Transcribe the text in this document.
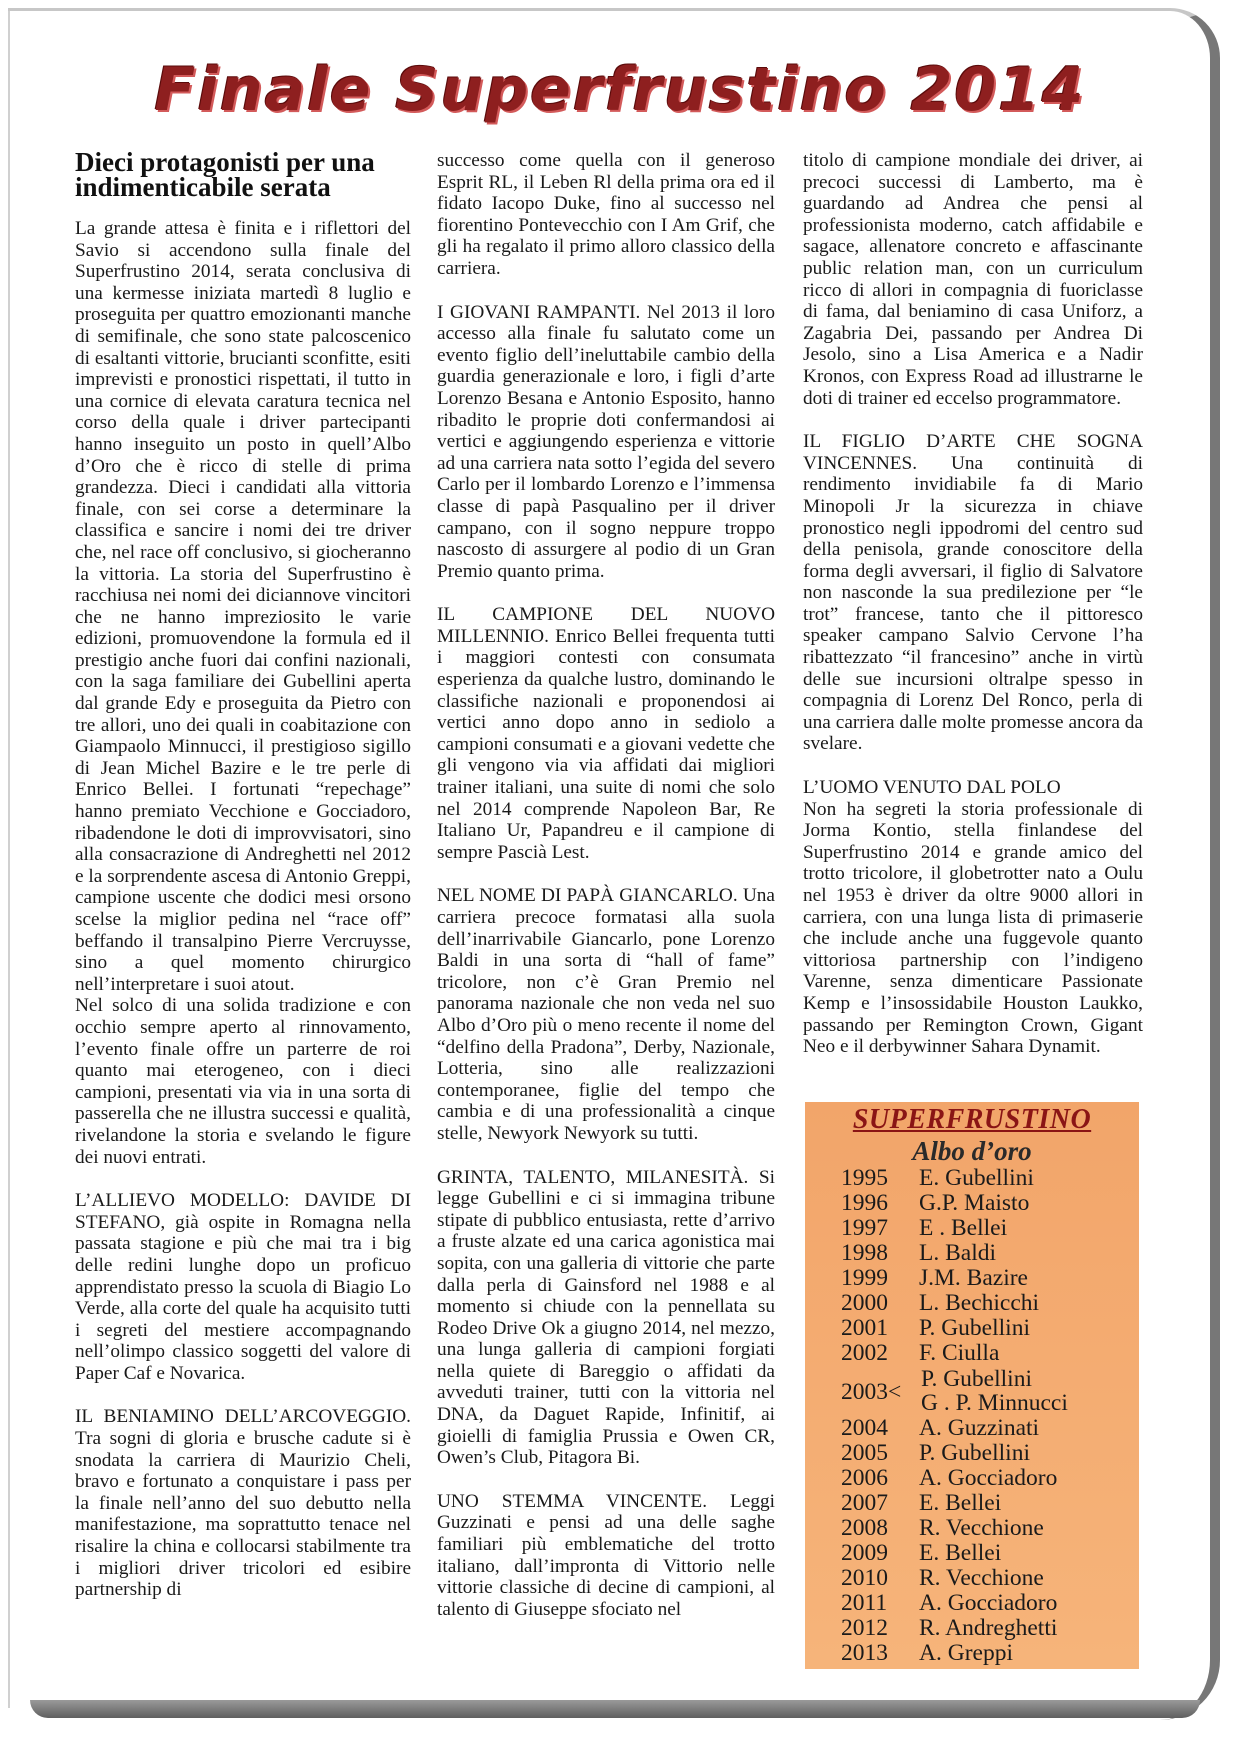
Finale Superfrustino 2014
Dieci protagonisti per una indimenticabile serata

La grande attesa è finita e i riflettori del Savio si accendono sulla finale del Superfrustino 2014, serata conclusiva di una kermesse iniziata martedì 8 luglio e proseguita per quattro emozionanti manche di semifinale, che sono state palcoscenico di esaltanti vittorie, brucianti sconfitte, esiti imprevisti e pronostici rispettati, il tutto in una cornice di elevata caratura tecnica nel corso della quale i driver partecipanti hanno inseguito un posto in quell’Albo d’Oro che è ricco di stelle di prima grandezza. Dieci i candidati alla vittoria finale, con sei corse a determinare la classifica e sancire i nomi dei tre driver che, nel race off conclusivo, si giocheranno la vittoria. La storia del Superfrustino è racchiusa nei nomi dei diciannove vincitori che ne hanno impreziosito le varie edizioni, promuovendone la formula ed il prestigio anche fuori dai confini nazionali, con la saga familiare dei Gubellini aperta dal grande Edy e proseguita da Pietro con tre allori, uno dei quali in coabitazione con Giampaolo Minnucci, il prestigioso sigillo di Jean Michel Bazire e le tre perle di Enrico Bellei. I fortunati “repechage” hanno premiato Vecchione e Gocciadoro, ribadendone le doti di improvvisatori, sino alla consacrazione di Andreghetti nel 2012 e la sorprendente ascesa di Antonio Greppi, campione uscente che dodici mesi orsono scelse la miglior pedina nel “race off” beffando il transalpino Pierre Vercruysse, sino a quel momento chirurgico nell’interpretare i suoi atout.

Nel solco di una solida tradizione e con occhio sempre aperto al rinnovamento, l’evento finale offre un parterre de roi quanto mai eterogeneo, con i dieci campioni, presentati via via in una sorta di passerella che ne illustra successi e qualità, rivelandone la storia e svelando le figure dei nuovi entrati.

L’ALLIEVO MODELLO: DAVIDE DI STEFANO, già ospite in Romagna nella passata stagione e più che mai tra i big delle redini lunghe dopo un proficuo apprendistato presso la scuola di Biagio Lo Verde, alla corte del quale ha acquisito tutti i segreti del mestiere accompagnando nell’olimpo classico soggetti del valore di Paper Caf e Novarica.

IL BENIAMINO DELL’ARCOVEGGIO. Tra sogni di gloria e brusche cadute si è snodata la carriera di Maurizio Cheli, bravo e fortunato a conquistare i pass per la finale nell’anno del suo debutto nella manifestazione, ma soprattutto tenace nel risalire la china e collocarsi stabilmente tra i migliori driver tricolori ed esibire partnership di

successo come quella con il generoso Esprit RL, il Leben Rl della prima ora ed il fidato Iacopo Duke, fino al successo nel fiorentino Pontevecchio con I Am Grif, che gli ha regalato il primo alloro classico della carriera.

I GIOVANI RAMPANTI. Nel 2013 il loro accesso alla finale fu salutato come un evento figlio dell’ineluttabile cambio della guardia generazionale e loro, i figli d’arte Lorenzo Besana e Antonio Esposito, hanno ribadito le proprie doti confermandosi ai vertici e aggiungendo esperienza e vittorie ad una carriera nata sotto l’egida del severo Carlo per il lombardo Lorenzo e l’immensa classe di papà Pasqualino per il driver campano, con il sogno neppure troppo nascosto di assurgere al podio di un Gran Premio quanto prima.

IL CAMPIONE DEL NUOVO MILLENNIO. Enrico Bellei frequenta tutti i maggiori contesti con consumata esperienza da qualche lustro, dominando le classifiche nazionali e proponendosi ai vertici anno dopo anno in sediolo a campioni consumati e a giovani vedette che gli vengono via via affidati dai migliori trainer italiani, una suite di nomi che solo nel 2014 comprende Napoleon Bar, Re Italiano Ur, Papandreu e il campione di sempre Pascià Lest.

NEL NOME DI PAPÀ GIANCARLO. Una carriera precoce formatasi alla suola dell’inarrivabile Giancarlo, pone Lorenzo Baldi in una sorta di “hall of fame” tricolore, non c’è Gran Premio nel panorama nazionale che non veda nel suo Albo d’Oro più o meno recente il nome del “delfino della Pradona”, Derby, Nazionale, Lotteria, sino alle realizzazioni contemporanee, figlie del tempo che cambia e di una professionalità a cinque stelle, Newyork Newyork su tutti.

GRINTA, TALENTO, MILANESITÀ. Si legge Gubellini e ci si immagina tribune stipate di pubblico entusiasta, rette d’arrivo a fruste alzate ed una carica agonistica mai sopita, con una galleria di vittorie che parte dalla perla di Gainsford nel 1988 e al momento si chiude con la pennellata su Rodeo Drive Ok a giugno 2014, nel mezzo, una lunga galleria di campioni forgiati nella quiete di Bareggio o affidati da avveduti trainer, tutti con la vittoria nel DNA, da Daguet Rapide, Infinitif, ai gioielli di famiglia Prussia e Owen CR, Owen’s Club, Pitagora Bi.

UNO STEMMA VINCENTE. Leggi Guzzinati e pensi ad una delle saghe familiari più emblematiche del trotto italiano, dall’impronta di Vittorio nelle vittorie classiche di decine di campioni, al talento di Giuseppe sfociato nel

titolo di campione mondiale dei driver, ai precoci successi di Lamberto, ma è guardando ad Andrea che pensi al professionista moderno, catch affidabile e sagace, allenatore concreto e affascinante public relation man, con un curriculum ricco di allori in compagnia di fuoriclasse di fama, dal beniamino di casa Uniforz, a Zagabria Dei, passando per Andrea Di Jesolo, sino a Lisa America e a Nadir Kronos, con Express Road ad illustrarne le doti di trainer ed eccelso programmatore.

IL FIGLIO D’ARTE CHE SOGNA VINCENNES. Una continuità di rendimento invidiabile fa di Mario Minopoli Jr la sicurezza in chiave pronostico negli ippodromi del centro sud della penisola, grande conoscitore della forma degli avversari, il figlio di Salvatore non nasconde la sua predilezione per “le trot” francese, tanto che il pittoresco speaker campano Salvio Cervone l’ha ribattezzato “il francesino” anche in virtù delle sue incursioni oltralpe spesso in compagnia di Lorenz Del Ronco, perla di una carriera dalle molte promesse ancora da svelare.

L’UOMO VENUTO DAL POLO

Non ha segreti la storia professionale di Jorma Kontio, stella finlandese del Superfrustino 2014 e grande amico del trotto tricolore, il globetrotter nato a Oulu nel 1953 è driver da oltre 9000 allori in carriera, con una lunga lista di primaserie che include anche una fuggevole quanto vittoriosa partnership con l’indigeno Varenne, senza dimenticare Passionate Kemp e l’insossidabile Houston Laukko, passando per Remington Crown, Gigant Neo e il derbywinner Sahara Dynamit.

SUPERFRUSTINO
Albo d’oro
1995 E. Gubellini
1996 G.P. Maisto
1997 E . Bellei
1998 L. Baldi
1999 J.M. Bazire
2000 L. Bechicchi
2001 P. Gubellini
2002 F. Ciulla
2003< P. Gubellini
G . P. Minnucci
2004 A. Guzzinati
2005 P. Gubellini
2006 A. Gocciadoro
2007 E. Bellei
2008 R. Vecchione
2009 E. Bellei
2010 R. Vecchione
2011 A. Gocciadoro
2012 R. Andreghetti
2013 A. Greppi
